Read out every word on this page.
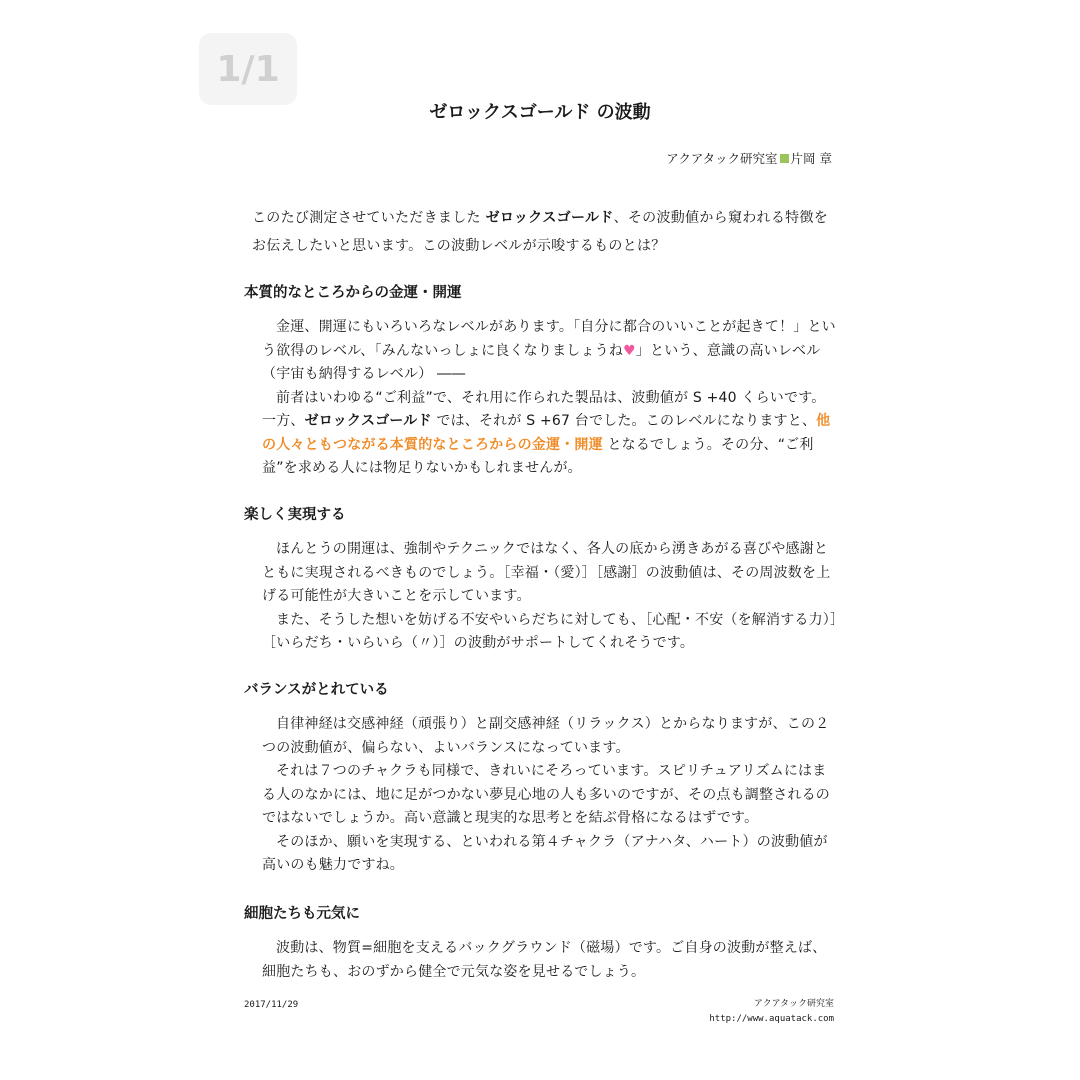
1/1
ゼロックスゴールド の波動
アクアタック研究室 片岡 章
このたび測定させていただきました ゼロックスゴールド、その波動値から窺われる特徴をお伝えしたいと思います。この波動レベルが示唆するものとは？
本質的なところからの金運・開運

金運、開運にもいろいろなレベルがあります。「自分に都合のいいことが起きて！」という欲得のレベル、「みんないっしょに良くなりましょうね♥」という、意識の高いレベル（宇宙も納得するレベル） ――

前者はいわゆる“ご利益”で、それ用に作られた製品は、波動値が S +40 くらいです。一方、ゼロックスゴールド では、それが S +67 台でした。このレベルになりますと、他の人々ともつながる本質的なところからの金運・開運 となるでしょう。その分、“ご利益”を求める人には物足りないかもしれませんが。

楽しく実現する

ほんとうの開運は、強制やテクニックではなく、各人の底から湧きあがる喜びや感謝とともに実現されるべきものでしょう。［幸福・（愛）］［感謝］の波動値は、その周波数を上げる可能性が大きいことを示しています。

また、そうした想いを妨げる不安やいらだちに対しても、［心配・不安（を解消する力）］［いらだち・いらいら（〃）］の波動がサポートしてくれそうです。

バランスがとれている

自律神経は交感神経（頑張り）と副交感神経（リラックス）とからなりますが、この２つの波動値が、偏らない、よいバランスになっています。

それは７つのチャクラも同様で、きれいにそろっています。スピリチュアリズムにはまる人のなかには、地に足がつかない夢見心地の人も多いのですが、その点も調整されるのではないでしょうか。高い意識と現実的な思考とを結ぶ骨格になるはずです。

そのほか、願いを実現する、といわれる第４チャクラ（アナハタ、ハート）の波動値が高いのも魅力ですね。

細胞たちも元気に

波動は、物質=細胞を支えるバックグラウンド（磁場）です。ご自身の波動が整えば、細胞たちも、おのずから健全で元気な姿を見せるでしょう。

2017/11/29	アクアタック研究室
http://www.aquatack.com
